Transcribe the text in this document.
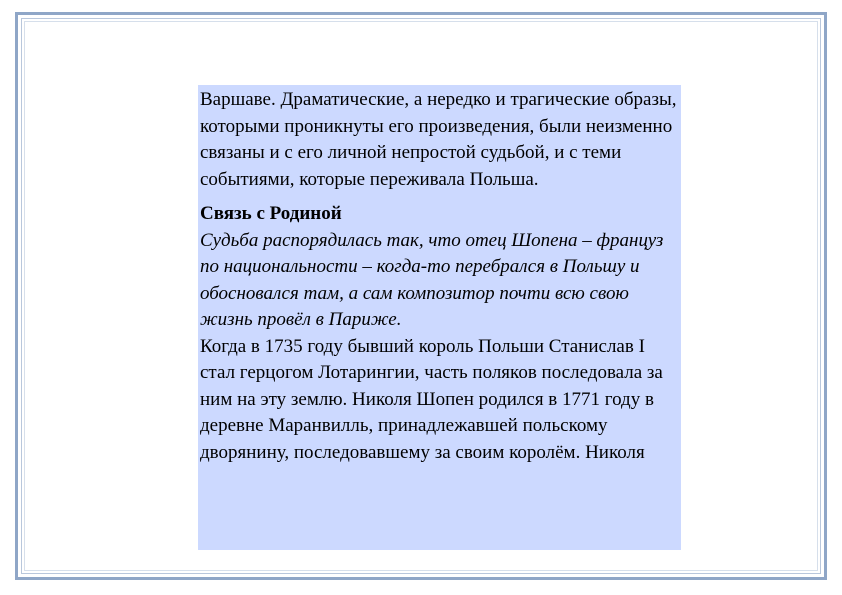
Варшаве. Драматические, а нередко и трагические образы, которыми проникнуты его произведения, были неизменно связаны и с его личной непростой судьбой, и с теми событиями, которые переживала Польша.

Связь с Родиной

Судьба распорядилась так, что отец Шопена – француз по национальности – когда-то перебрался в Польшу и обосновался там, а сам композитор почти всю свою жизнь провёл в Париже.

Когда в 1735 году бывший король Польши Станислав I стал герцогом Лотарингии, часть поляков последовала за ним на эту землю. Николя Шопен родился в 1771 году в деревне Маранвилль, принадлежавшей польскому дворянину, последовавшему за своим королём. Николя
